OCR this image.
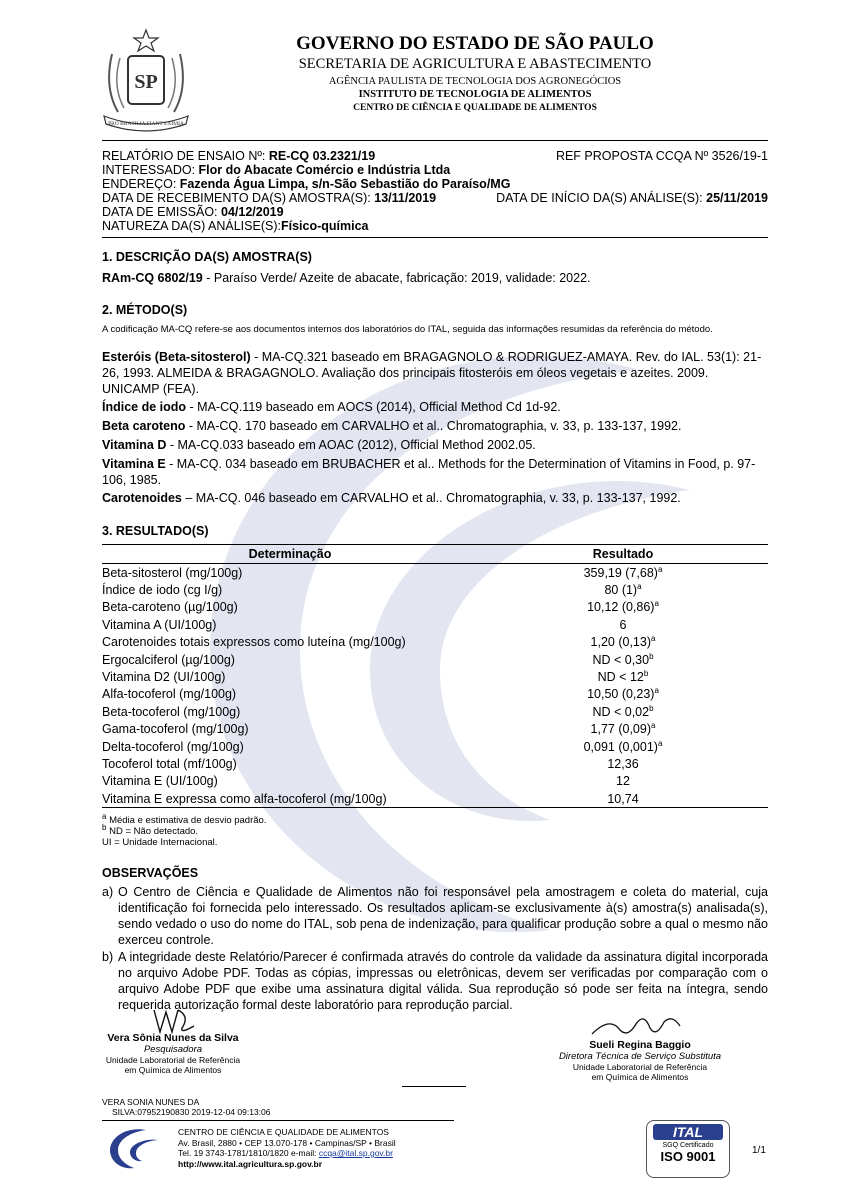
SP
PRO BRASILIA FIANT EXIMIA
GOVERNO DO ESTADO DE SÃO PAULO
SECRETARIA DE AGRICULTURA E ABASTECIMENTO
AGÊNCIA PAULISTA DE TECNOLOGIA DOS AGRONEGÓCIOS
INSTITUTO DE TECNOLOGIA DE ALIMENTOS
CENTRO DE CIÊNCIA E QUALIDADE DE ALIMENTOS
RELATÓRIO DE ENSAIO Nº: RE-CQ 03.2321/19	REF PROPOSTA CCQA Nº 3526/19-1
INTERESSADO: Flor do Abacate Comércio e Indústria Ltda
ENDEREÇO: Fazenda Água Limpa, s/n-São Sebastião do Paraíso/MG
DATA DE RECEBIMENTO DA(S) AMOSTRA(S): 13/11/2019	DATA DE INÍCIO DA(S) ANÁLISE(S): 25/11/2019
DATA DE EMISSÃO: 04/12/2019
NATUREZA DA(S) ANÁLISE(S):Físico-química
1. DESCRIÇÃO DA(S) AMOSTRA(S)
RAm-CQ 6802/19 - Paraíso Verde/ Azeite de abacate, fabricação: 2019, validade: 2022.
2. MÉTODO(S)
A codificação MA-CQ refere-se aos documentos internos dos laboratórios do ITAL, seguida das informações resumidas da referência do método.
Esteróis (Beta-sitosterol) - MA-CQ.321 baseado em BRAGAGNOLO & RODRIGUEZ-AMAYA. Rev. do IAL. 53(1): 21-26, 1993. ALMEIDA & BRAGAGNOLO. Avaliação dos principais fitosteróis em óleos vegetais e azeites. 2009. UNICAMP (FEA).
Índice de iodo - MA-CQ.119 baseado em AOCS (2014), Official Method Cd 1d-92.
Beta caroteno - MA-CQ. 170 baseado em CARVALHO et al.. Chromatographia, v. 33, p. 133-137, 1992.
Vitamina D - MA-CQ.033 baseado em AOAC (2012), Official Method 2002.05.
Vitamina E - MA-CQ. 034 baseado em BRUBACHER et al.. Methods for the Determination of Vitamins in Food, p. 97-106, 1985.
Carotenoides – MA-CQ. 046 baseado em CARVALHO et al.. Chromatographia, v. 33, p. 133-137, 1992.
3. RESULTADO(S)
Determinação	Resultado
Beta-sitosterol (mg/100g)	359,19 $(7,68)^a$
Índice de iodo (cg I/g)	80 $(1)^a$
Beta-caroteno (µg/100g)	10,12 $(0,86)^a$
Vitamina A (UI/100g)	6
Carotenoides totais expressos como luteína (mg/100g)	1,20 $(0,13)^a$
Ergocalciferol (µg/100g)	ND < 0,30$^b$
Vitamina D2 (UI/100g)	ND < $12^b$
Alfa-tocoferol (mg/100g)	10,50 $(0,23)^a$
Beta-tocoferol (mg/100g)	ND < 0,02$^b$
Gama-tocoferol (mg/100g)	1,77 $(0,09)^a$
Delta-tocoferol (mg/100g)	0,091 $(0,001)^a$
Tocoferol total (mf/100g)	12,36
Vitamina E (UI/100g)	12
Vitamina E expressa como alfa-tocoferol (mg/100g)	10,74
$^a$ Média e estimativa de desvio padrão.
$^b$ ND = Não detectado.
UI = Unidade Internacional.
OBSERVAÇÕES
a) O Centro de Ciência e Qualidade de Alimentos não foi responsável pela amostragem e coleta do material, cuja identificação foi fornecida pelo interessado. Os resultados aplicam-se exclusivamente à(s) amostra(s) analisada(s), sendo vedado o uso do nome do ITAL, sob pena de indenização, para qualificar produção sobre a qual o mesmo não exerceu controle.
b) A integridade deste Relatório/Parecer é confirmada através do controle da validade da assinatura digital incorporada no arquivo Adobe PDF. Todas as cópias, impressas ou eletrônicas, devem ser verificadas por comparação com o arquivo Adobe PDF que exibe uma assinatura digital válida. Sua reprodução só pode ser feita na íntegra, sendo requerida autorização formal deste laboratório para reprodução parcial.
Vera Sônia Nunes da Silva
Pesquisadora
Unidade Laboratorial de Referência
em Química de Alimentos
Sueli Regina Baggio
Diretora Técnica de Serviço Substituta
Unidade Laboratorial de Referência
em Química de Alimentos
VERA SONIA NUNES DA
SILVA:07952190830 2019-12-04 09:13:06
CENTRO DE CIÊNCIA E QUALIDADE DE ALIMENTOS
Av. Brasil, 2880 • CEP 13.070-178 • Campinas/SP • Brasil
Tel. 19 3743-1781/1810/1820 e-mail: ccqa@ital.sp.gov.br
http://www.ital.agricultura.sp.gov.br
ITAL
SGQ Certificado
ISO 9001	1/1
